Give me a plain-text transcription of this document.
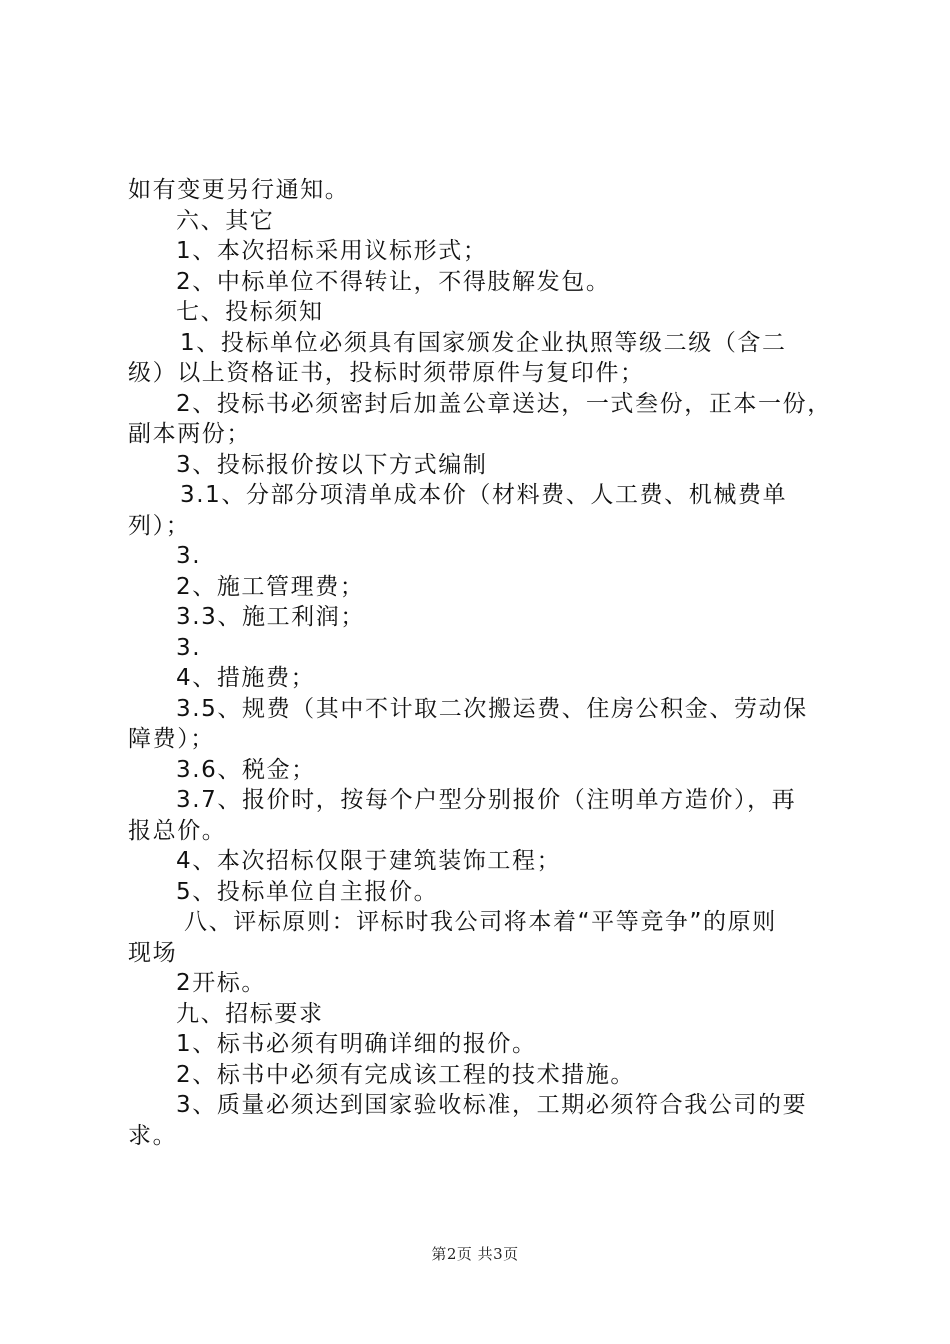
如有变更另行通知。
六、其它
1、本次招标采用议标形式；
2、中标单位不得转让，不得肢解发包。
七、投标须知
1、投标单位必须具有国家颁发企业执照等级二级（含二
级）以上资格证书，投标时须带原件与复印件；
2、投标书必须密封后加盖公章送达，一式叁份，正本一份，
副本两份；
3、投标报价按以下方式编制
3.1、分部分项清单成本价（材料费、人工费、机械费单
列）；
3.
2、施工管理费；
3.3、施工利润；
3.
4、措施费；
3.5、规费（其中不计取二次搬运费、住房公积金、劳动保
障费）；
3.6、税金；
3.7、报价时，按每个户型分别报价（注明单方造价），再
报总价。
4、本次招标仅限于建筑装饰工程；
5、投标单位自主报价。
八、评标原则：评标时我公司将本着“平等竞争”的原则
现场
2开标。
九、招标要求
1、标书必须有明确详细的报价。
2、标书中必须有完成该工程的技术措施。
3、质量必须达到国家验收标准，工期必须符合我公司的要
求。
第2页 共3页
